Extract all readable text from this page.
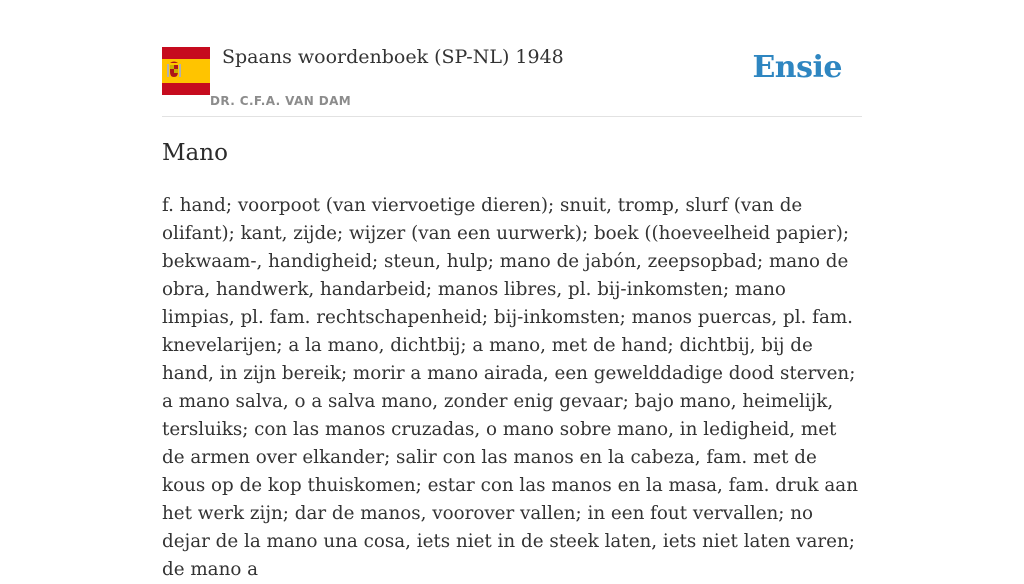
Spaans woordenboek (SP-NL) 1948
DR. C.F.A. VAN DAM
Ensie
Mano

f. hand; voorpoot (van viervoetige dieren); snuit, tromp, slurf (van de olifant); kant, zijde; wijzer (van een uurwerk); boek ((hoeveelheid papier); bekwaam-, handigheid; steun, hulp; mano de jabón, zeepsopbad; mano de obra, handwerk, handarbeid; manos libres, pl. bij-inkomsten; mano limpias, pl. fam. rechtschapenheid; bij-inkomsten; manos puercas, pl. fam. knevelarijen; a la mano, dichtbij; a mano, met de hand; dichtbij, bij de hand, in zijn bereik; morir a mano airada, een gewelddadige dood sterven; a mano salva, o a salva mano, zonder enig gevaar; bajo mano, heimelijk, tersluiks; con las manos cruzadas, o mano sobre mano, in ledigheid, met de armen over elkander; salir con las manos en la cabeza, fam. met de kous op de kop thuiskomen; estar con las manos en la masa, fam. druk aan het werk zijn; dar de manos, voorover vallen; in een fout vervallen; no dejar de la mano una cosa, iets niet in de steek laten, iets niet laten varen; de mano a
